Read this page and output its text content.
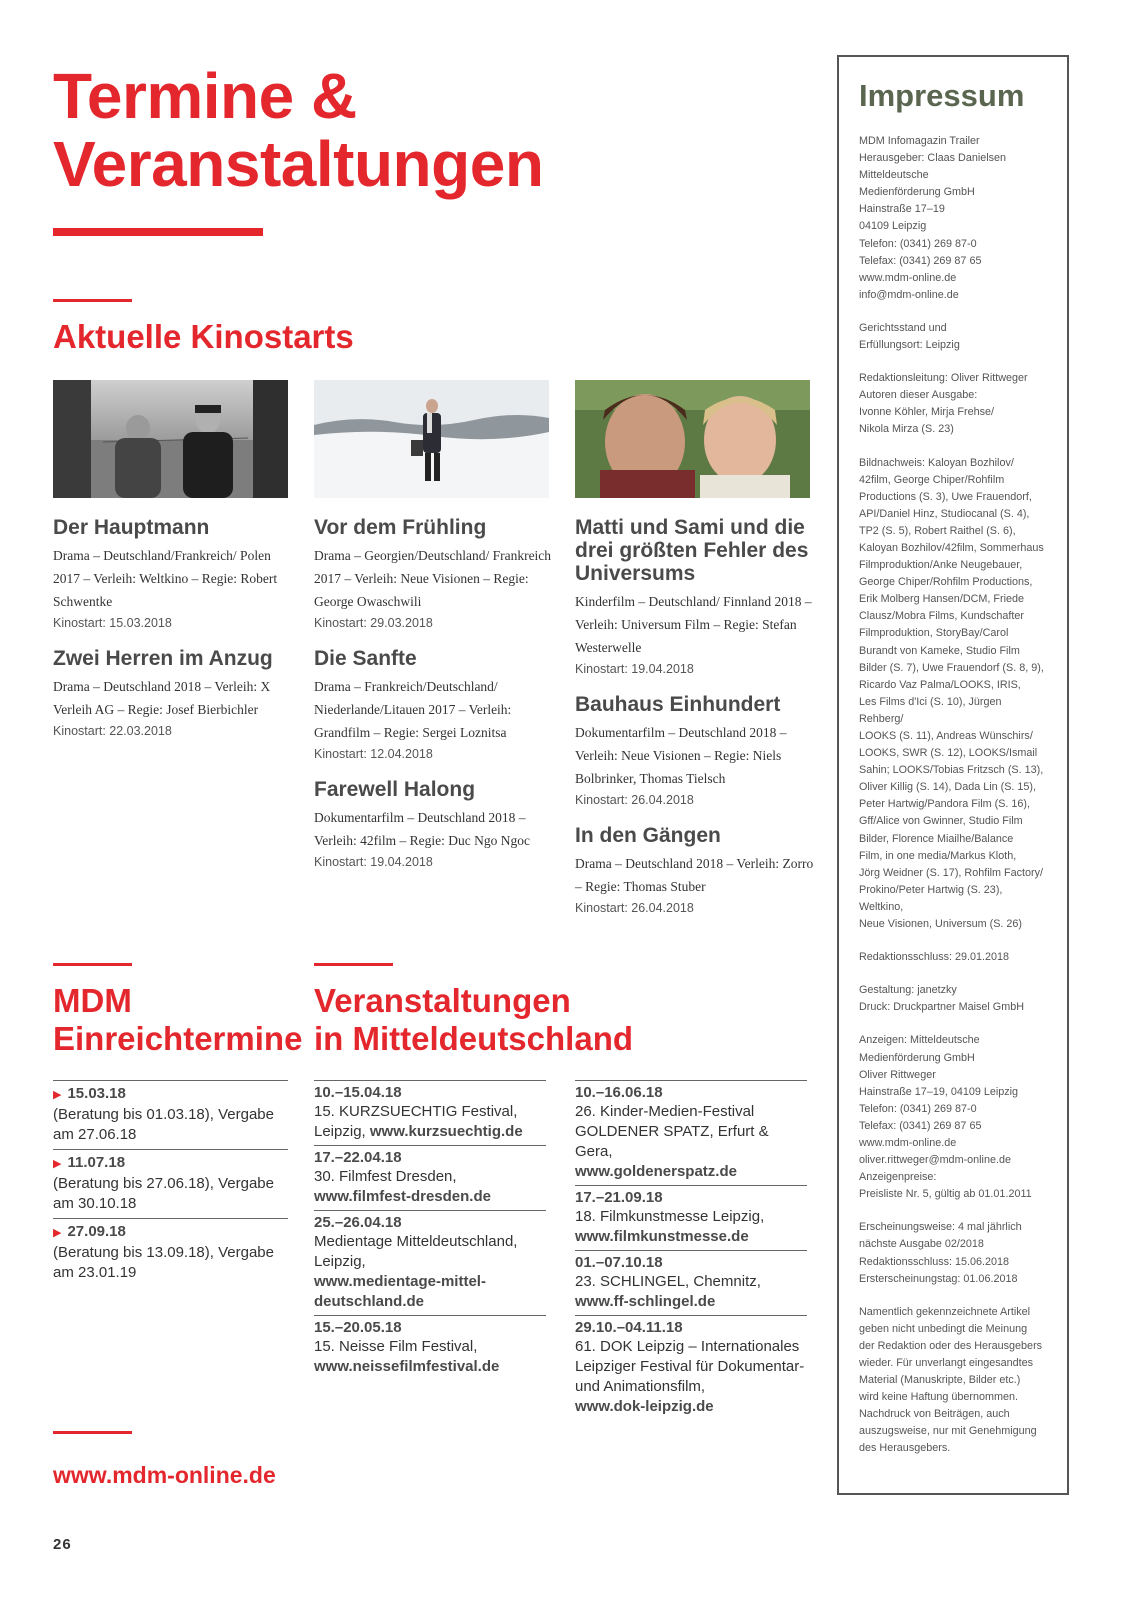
Termine &
Veranstaltungen
Aktuelle Kinostarts
Der Hauptmann
Drama – Deutschland/Frankreich/ Polen 2017 – Verleih: Weltkino – Regie: Robert Schwentke
Kinostart: 15.03.2018
Zwei Herren im Anzug
Drama – Deutschland 2018 – Verleih: X Verleih AG – Regie: Josef Bierbichler
Kinostart: 22.03.2018
Vor dem Frühling
Drama – Georgien/Deutschland/ Frankreich 2017 – Verleih: Neue Visionen – Regie: George Owaschwili
Kinostart: 29.03.2018
Die Sanfte
Drama – Frankreich/Deutschland/ Niederlande/Litauen 2017 – Verleih: Grandfilm – Regie: Sergei Loznitsa
Kinostart: 12.04.2018
Farewell Halong
Dokumentarfilm – Deutschland 2018 – Verleih: 42film – Regie: Duc Ngo Ngoc
Kinostart: 19.04.2018
Matti und Sami und die drei größten Fehler des Universums
Kinderfilm – Deutschland/ Finnland 2018 – Verleih: Universum Film – Regie: Stefan Westerwelle
Kinostart: 19.04.2018
Bauhaus Einhundert
Dokumentarfilm – Deutschland 2018 – Verleih: Neue Visionen – Regie: Niels Bolbrinker, Thomas Tielsch
Kinostart: 26.04.2018
In den Gängen
Drama – Deutschland 2018 – Verleih: Zorro – Regie: Thomas Stuber
Kinostart: 26.04.2018
MDM
Einreichtermine
▶ 15.03.18
(Beratung bis 01.03.18), Vergabe am 27.06.18
▶ 11.07.18
(Beratung bis 27.06.18), Vergabe am 30.10.18
▶ 27.09.18
(Beratung bis 13.09.18), Vergabe am 23.01.19
Veranstaltungen
in Mitteldeutschland
10.–15.04.18
15. KURZSUECHTIG Festival, Leipzig, www.kurzsuechtig.de
17.–22.04.18
30. Filmfest Dresden,
www.filmfest-dresden.de
25.–26.04.18
Medientage Mitteldeutschland, Leipzig,
www.medientage-mittel- deutschland.de
15.–20.05.18
15. Neisse Film Festival,
www.neissefilmfestival.de
10.–16.06.18
26. Kinder-Medien-Festival GOLDENER SPATZ, Erfurt & Gera,
www.goldenerspatz.de
17.–21.09.18
18. Filmkunstmesse Leipzig,
www.filmkunstmesse.de
01.–07.10.18
23. SCHLINGEL, Chemnitz,
www.ff-schlingel.de
29.10.–04.11.18
61. DOK Leipzig – Internationales Leipziger Festival für Dokumentar- und Animationsfilm,
www.dok-leipzig.de
Impressum
MDM Infomagazin Trailer
Herausgeber: Claas Danielsen
Mitteldeutsche
Medienförderung GmbH
Hainstraße 17–19
04109 Leipzig
Telefon: (0341) 269 87-0
Telefax: (0341) 269 87 65
www.mdm-online.de
info@mdm-online.de
Gerichtsstand und
Erfüllungsort: Leipzig
Redaktionsleitung: Oliver Rittweger
Autoren dieser Ausgabe:
Ivonne Köhler, Mirja Frehse/
Nikola Mirza (S. 23)
Bildnachweis: Kaloyan Bozhilov/
42film, George Chiper/Rohfilm
Productions (S. 3), Uwe Frauendorf,
API/Daniel Hinz, Studiocanal (S. 4),
TP2 (S. 5), Robert Raithel (S. 6),
Kaloyan Bozhilov/42film, Sommerhaus
Filmproduktion/Anke Neugebauer,
George Chiper/Rohfilm Productions,
Erik Molberg Hansen/DCM, Friede
Clausz/Mobra Films, Kundschafter
Filmproduktion, StoryBay/Carol
Burandt von Kameke, Studio Film
Bilder (S. 7), Uwe Frauendorf (S. 8, 9),
Ricardo Vaz Palma/LOOKS, IRIS,
Les Films d'Ici (S. 10), Jürgen Rehberg/
LOOKS (S. 11), Andreas Wünschirs/
LOOKS, SWR (S. 12), LOOKS/Ismail
Sahin; LOOKS/Tobias Fritzsch (S. 13),
Oliver Killig (S. 14), Dada Lin (S. 15),
Peter Hartwig/Pandora Film (S. 16),
Gff/Alice von Gwinner, Studio Film
Bilder, Florence Miailhe/Balance
Film, in one media/Markus Kloth,
Jörg Weidner (S. 17), Rohfilm Factory/
Prokino/Peter Hartwig (S. 23), Weltkino,
Neue Visionen, Universum (S. 26)
Redaktionsschluss: 29.01.2018
Gestaltung: janetzky
Druck: Druckpartner Maisel GmbH
Anzeigen: Mitteldeutsche
Medienförderung GmbH
Oliver Rittweger
Hainstraße 17–19, 04109 Leipzig
Telefon: (0341) 269 87-0
Telefax: (0341) 269 87 65
www.mdm-online.de
oliver.rittweger@mdm-online.de
Anzeigenpreise:
Preisliste Nr. 5, gültig ab 01.01.2011
Erscheinungsweise: 4 mal jährlich
nächste Ausgabe 02/2018
Redaktionsschluss: 15.06.2018
Ersterscheinungstag: 01.06.2018
Namentlich gekennzeichnete Artikel
geben nicht unbedingt die Meinung
der Redaktion oder des Herausgebers
wieder. Für unverlangt eingesandtes
Material (Manuskripte, Bilder etc.)
wird keine Haftung übernommen.
Nachdruck von Beiträgen, auch
auszugsweise, nur mit Genehmigung
des Herausgebers.
www.mdm-online.de
26
